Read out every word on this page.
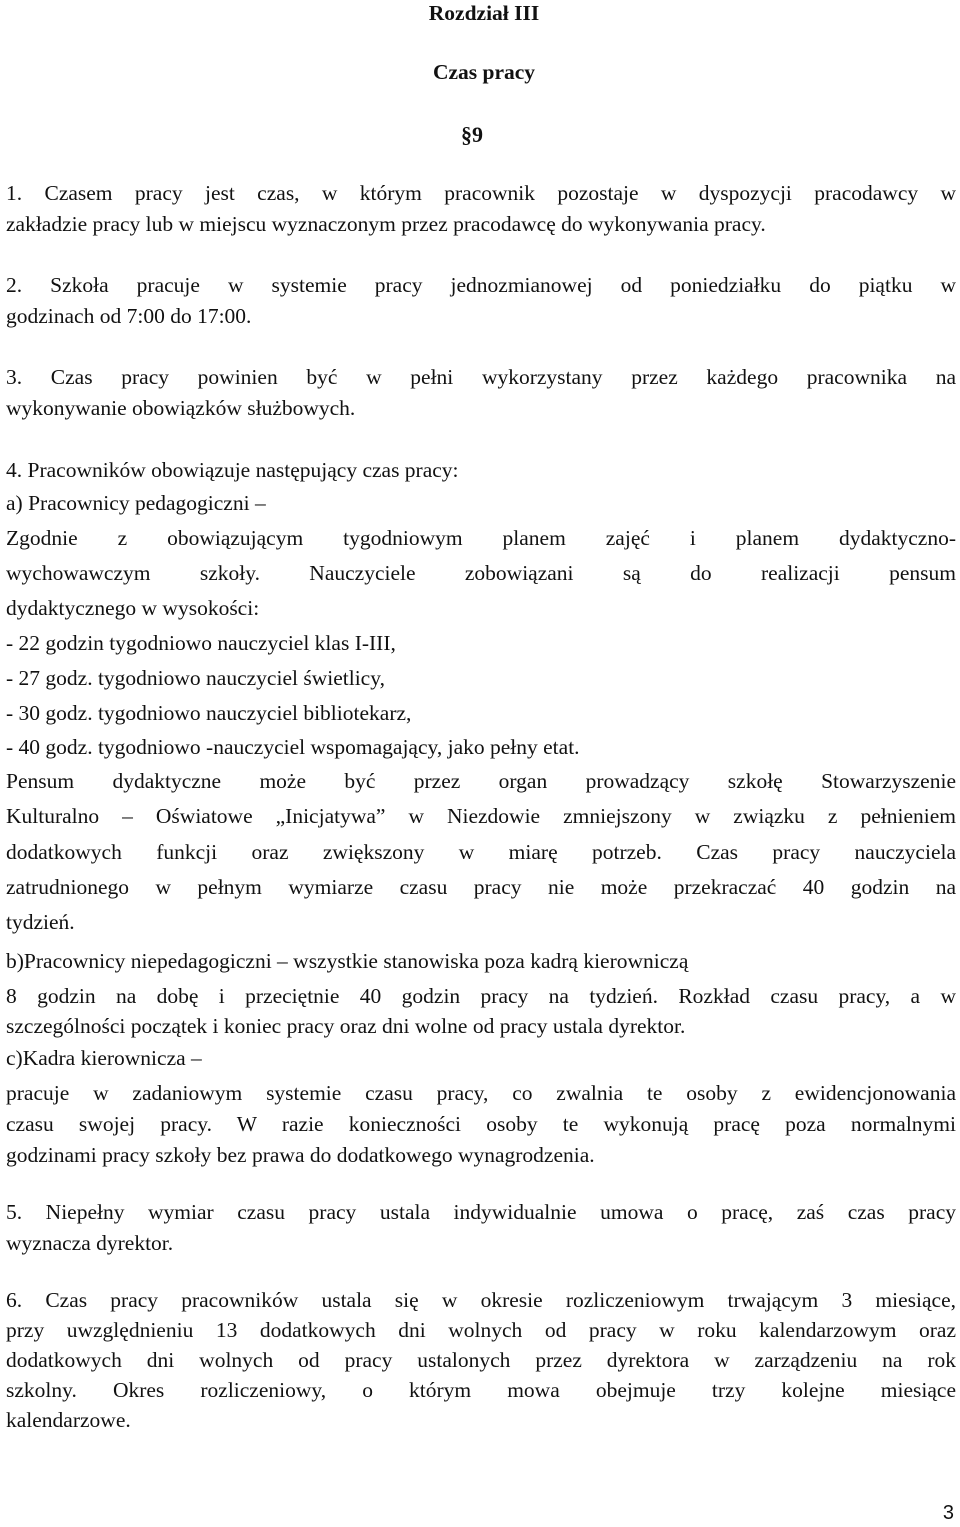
Rozdział III
Czas pracy
§9
1. Czasem pracy jest czas, w którym pracownik pozostaje w dyspozycji pracodawcy w
zakładzie pracy lub w miejscu wyznaczonym przez pracodawcę do wykonywania pracy.
2. Szkoła pracuje w systemie pracy jednozmianowej od poniedziałku do piątku w
godzinach od 7:00 do 17:00.
3. Czas pracy powinien być w pełni wykorzystany przez każdego pracownika na
wykonywanie obowiązków służbowych.
4. Pracowników obowiązuje następujący czas pracy:
a) Pracownicy pedagogiczni –
Zgodnie z obowiązującym tygodniowym planem zajęć i planem dydaktyczno-
wychowawczym szkoły. Nauczyciele zobowiązani są do realizacji pensum
dydaktycznego w wysokości:
- 22 godzin tygodniowo nauczyciel klas I-III,
- 27 godz. tygodniowo nauczyciel świetlicy,
- 30 godz. tygodniowo nauczyciel bibliotekarz,
- 40 godz. tygodniowo -nauczyciel wspomagający, jako pełny etat.
Pensum dydaktyczne może być przez organ prowadzący szkołę Stowarzyszenie
Kulturalno – Oświatowe „Inicjatywa” w Niezdowie zmniejszony w związku z pełnieniem
dodatkowych funkcji oraz zwiększony w miarę potrzeb. Czas pracy nauczyciela
zatrudnionego w pełnym wymiarze czasu pracy nie może przekraczać 40 godzin na
tydzień.
b)Pracownicy niepedagogiczni – wszystkie stanowiska poza kadrą kierowniczą
8 godzin na dobę i przeciętnie 40 godzin pracy na tydzień. Rozkład czasu pracy, a w
szczególności początek i koniec pracy oraz dni wolne od pracy ustala dyrektor.
c)Kadra kierownicza –
pracuje w zadaniowym systemie czasu pracy, co zwalnia te osoby z ewidencjonowania
czasu swojej pracy. W razie konieczności osoby te wykonują pracę poza normalnymi
godzinami pracy szkoły bez prawa do dodatkowego wynagrodzenia.
5. Niepełny wymiar czasu pracy ustala indywidualnie umowa o pracę, zaś czas pracy
wyznacza dyrektor.
6. Czas pracy pracowników ustala się w okresie rozliczeniowym trwającym 3 miesiące,
przy uwzględnieniu 13 dodatkowych dni wolnych od pracy w roku kalendarzowym oraz
dodatkowych dni wolnych od pracy ustalonych przez dyrektora w zarządzeniu na rok
szkolny. Okres rozliczeniowy, o którym mowa obejmuje trzy kolejne miesiące
kalendarzowe.
3
